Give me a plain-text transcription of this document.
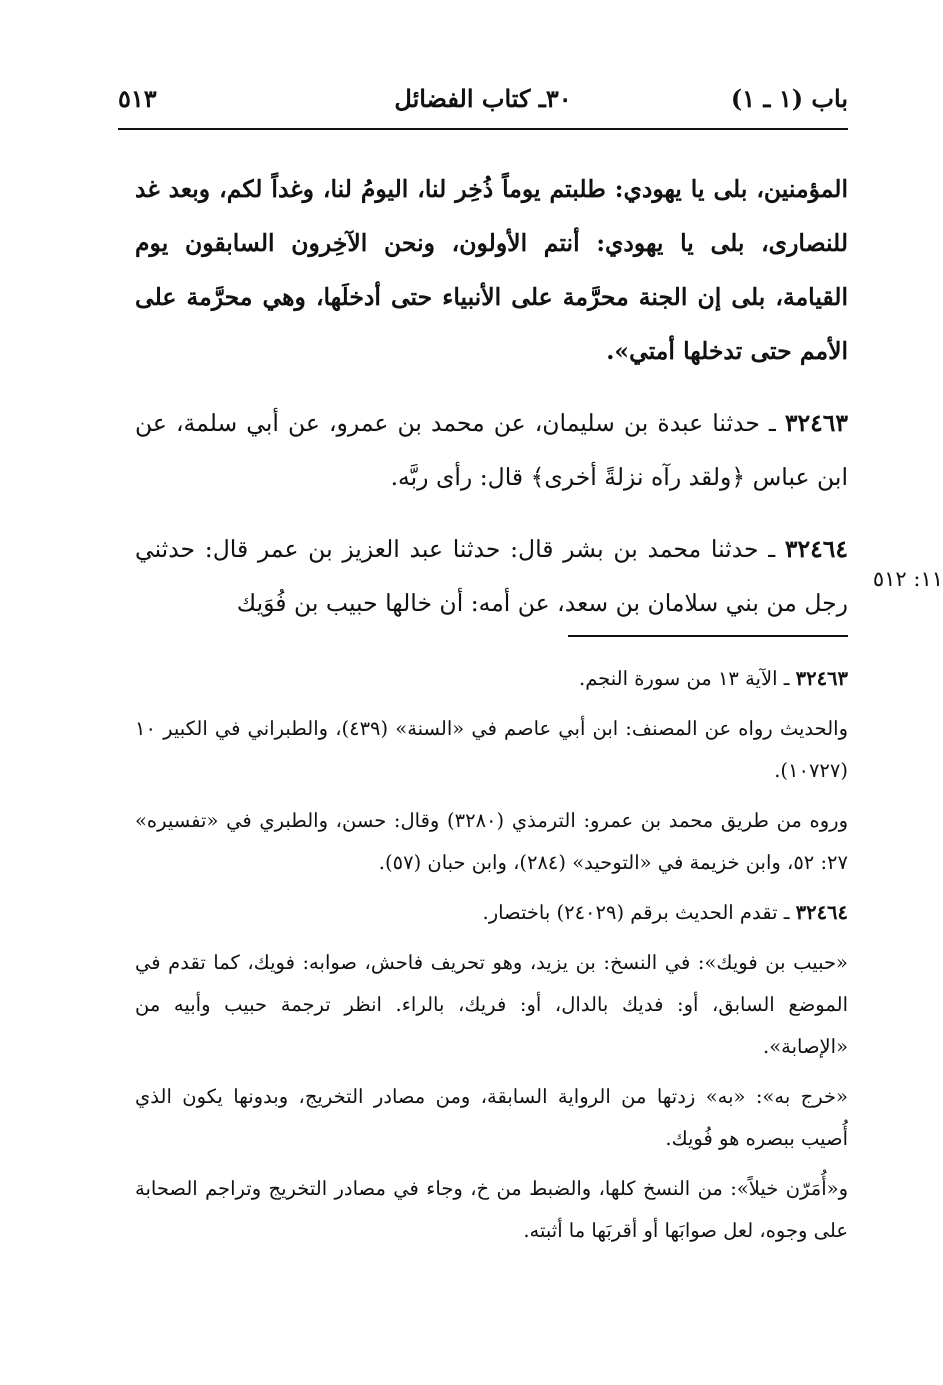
باب (١ ـ ١)
٣٠ـ كتاب الفضائل
٥١٣

المؤمنين، بلى يا يهودي: طلبتم يوماً ذُخِر لنا، اليومُ لنا، وغداً لكم، وبعد غد للنصارى، بلى يا يهودي: أنتم الأولون، ونحن الآخِرون السابقون يوم القيامة، بلى إن الجنة محرَّمة على الأنبياء حتى أدخلَها، وهي محرَّمة على الأمم حتى تدخلها أمتي».

٣٢٤٦٣ ـ حدثنا عبدة بن سليمان، عن محمد بن عمرو، عن أبي سلمة، عن ابن عباس ﴿ولقد رآه نزلةً أخرى﴾ قال: رأى ربَّه.

٣٢٤٦٤ ـ حدثنا محمد بن بشر قال: حدثنا عبد العزيز بن عمر قال: حدثني رجل من بني سلامان بن سعد، عن أمه: أن خالها حبيب بن فُوَيك

١١: ٥١٢

٣٢٤٦٣ ـ الآية ١٣ من سورة النجم.

والحديث رواه عن المصنف: ابن أبي عاصم في «السنة» (٤٣٩)، والطبراني في الكبير ١٠ (١٠٧٢٧).

وروه من طريق محمد بن عمرو: الترمذي (٣٢٨٠) وقال: حسن، والطبري في «تفسيره» ٢٧: ٥٢، وابن خزيمة في «التوحيد» (٢٨٤)، وابن حبان (٥٧).

٣٢٤٦٤ ـ تقدم الحديث برقم (٢٤٠٢٩) باختصار.

«حبيب بن فويك»: في النسخ: بن يزيد، وهو تحريف فاحش، صوابه: فويك، كما تقدم في الموضع السابق، أو: فديك بالدال، أو: فريك، بالراء. انظر ترجمة حبيب وأبيه من «الإصابة».

«خرج به»: «به» زدتها من الرواية السابقة، ومن مصادر التخريج، وبدونها يكون الذي أُصيب ببصره هو فُويك.

و«أُمَرّن خيلاً»: من النسخ كلها، والضبط من خ، وجاء في مصادر التخريج وتراجم الصحابة على وجوه، لعل صوابَها أو أقربَها ما أثبته.
